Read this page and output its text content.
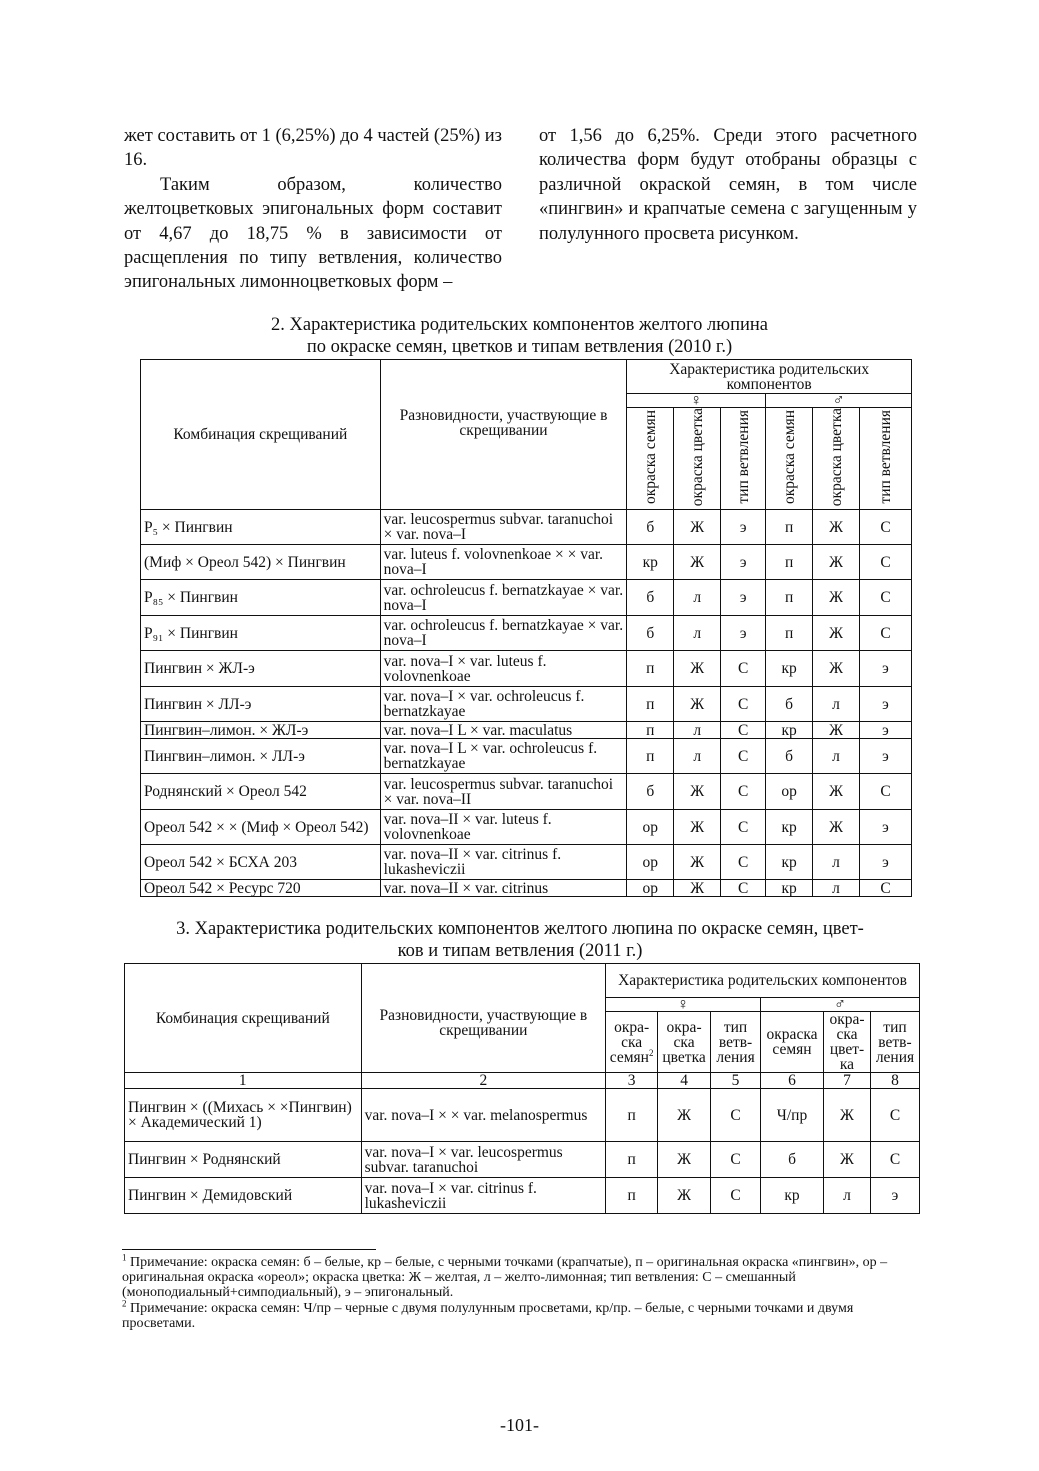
жет составить от 1 (6,25%) до 4 частей (25%) из 16.

Таким образом, количество желтоцветковых эпигональных форм составит от 4,67 до 18,75 % в зависимости от расщепления по типу ветвления, количество эпигональных лимонноцветковых форм –

от 1,56 до 6,25%. Среди этого расчетного количества форм будут отобраны образцы с различной окраской семян, в том числе «пингвин» и крапчатые семена с загущенным у полулунного просвета рисунком.

2. Характеристика родительских компонентов желтого люпина
по окраске семян, цветков и типам ветвления (2010 г.)
Комбинация скрещиваний	Разновидности, участвующие в скрещивании	Характеристика родительских компонентов					
		♀			♂		
		окраска семян	окраска цветка	тип ветвления	окраска семян	окраска цветка	тип ветвления
P₅ × Пингвин	var. leucospermus subvar. taranuchoi × var. nova–I	б	Ж	э	п	Ж	С
(Миф × Ореол 542) × Пингвин	var. luteus f. volovnenkoae × × var. nova–I	кр	Ж	э	п	Ж	С
P₈₅ × Пингвин	var. ochroleucus f. bernatzkayae × var. nova–I	б	л	э	п	Ж	С
P₉₁ × Пингвин	var. ochroleucus f. bernatzkayae × var. nova–I	б	л	э	п	Ж	С
Пингвин × ЖЛ-э	var. nova–I × var. luteus f. volovnenkoae	п	Ж	С	кр	Ж	э
Пингвин × ЛЛ-э	var. nova–I × var. ochroleucus f. bernatzkayae	п	Ж	С	б	л	э
Пингвин–лимон. × ЖЛ-э	var. nova–I L × var. maculatus	п	л	С	кр	Ж	э
Пингвин–лимон. × ЛЛ-э	var. nova–I L × var. ochroleucus f. bernatzkayae	п	л	С	б	л	э
Роднянский × Ореол 542	var. leucospermus subvar. taranuchoi × var. nova–II	б	Ж	С	ор	Ж	С
Ореол 542 × × (Миф × Ореол 542)	var. nova–II × var. luteus f. volovnenkoae	ор	Ж	С	кр	Ж	э
Ореол 542 × БСХА 203	var. nova–II × var. citrinus f. lukasheviczii	ор	Ж	С	кр	л	э
Ореол 542 × Ресурс 720	var. nova–II × var. citrinus	ор	Ж	С	кр	л	С
3. Характеристика родительских компонентов желтого люпина по окраске семян, цвет-
ков и типам ветвления (2011 г.)
Комбинация скрещиваний	Разновидности, участвующие в скрещивании	Характеристика родительских компонентов					
		♀			♂		
		окра-ска семян$^2$	окра-ска цветка	тип ветв-ления	окраска семян	окра-ска цвет-ка	тип ветв-ления
1	2	3	4	5	6	7	8
Пингвин × ((Михась × ×Пингвин) × Академический 1)	var. nova–I × × var. melanospermus	п	Ж	С	Ч/пр	Ж	С
Пингвин × Роднянский	var. nova–I × var. leucospermus subvar. taranuchoi	п	Ж	С	б	Ж	С
Пингвин × Демидовский	var. nova–I × var. citrinus f. lukasheviczii	п	Ж	С	кр	л	э

$^1$ Примечание: окраска семян: б – белые, кр – белые, с черными точками (крапчатые), п – оригинальная окраска «пингвин», ор – оригинальная окраска «ореол»; окраска цветка: Ж – желтая, л – желто-лимонная; тип ветвления: С – смешанный (моноподиальный+симподиальный), э – эпигональный.

$^2$ Примечание: окраска семян: Ч/пр – черные с двумя полулунным просветами, кр/пр. – белые, с черными точками и двумя просветами.

-101-
